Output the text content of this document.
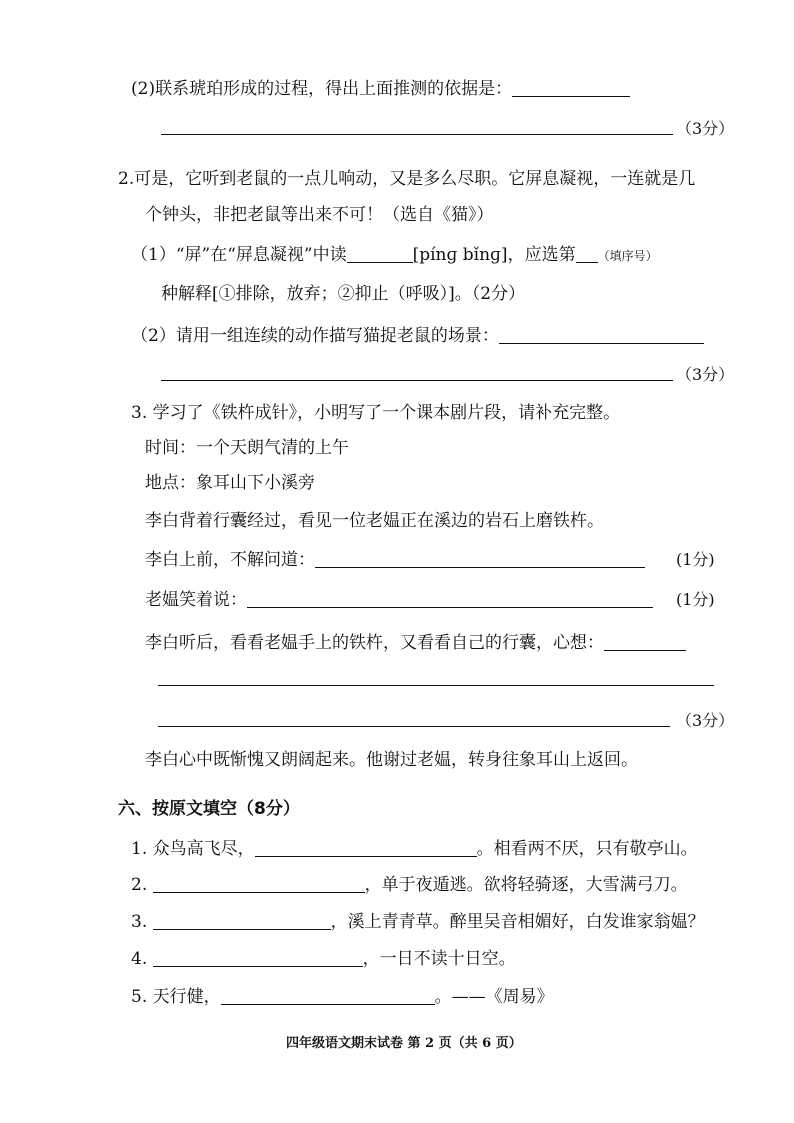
(2)联系琥珀形成的过程，得出上面推测的依据是：
（3分）
2.可是，它听到老鼠的一点儿响动，又是多么尽职。它屏息凝视，一连就是几
个钟头，非把老鼠等出来不可！（选自《猫》）
（1）“屏”在“屏息凝视”中读	[pínɡ bǐnɡ]，应选第 （填序号）
种解释[①排除，放弃；②抑止（呼吸）]。（2分）
（2）请用一组连续的动作描写猫捉老鼠的场景：
（3分）
3. 学习了《铁杵成针》，小明写了一个课本剧片段，请补充完整。
时间：一个天朗气清的上午
地点：象耳山下小溪旁
李白背着行囊经过，看见一位老媪正在溪边的岩石上磨铁杵。
李白上前，不解问道：	(1分)
老媪笑着说：	(1分)
李白听后，看看老媪手上的铁杵，又看看自己的行囊，心想：
（3分）
李白心中既惭愧又朗阔起来。他谢过老媪，转身往象耳山上返回。
六、按原文填空（8分）
1. 众鸟高飞尽，	。相看两不厌，只有敬亭山。
2.	，单于夜遁逃。欲将轻骑逐，大雪满弓刀。
3.	，溪上青青草。醉里吴音相媚好，白发谁家翁媪？
4.	，一日不读十日空。
5. 天行健，	。——《周易》
四年级语文期末试卷 第 2 页（共 6 页）
